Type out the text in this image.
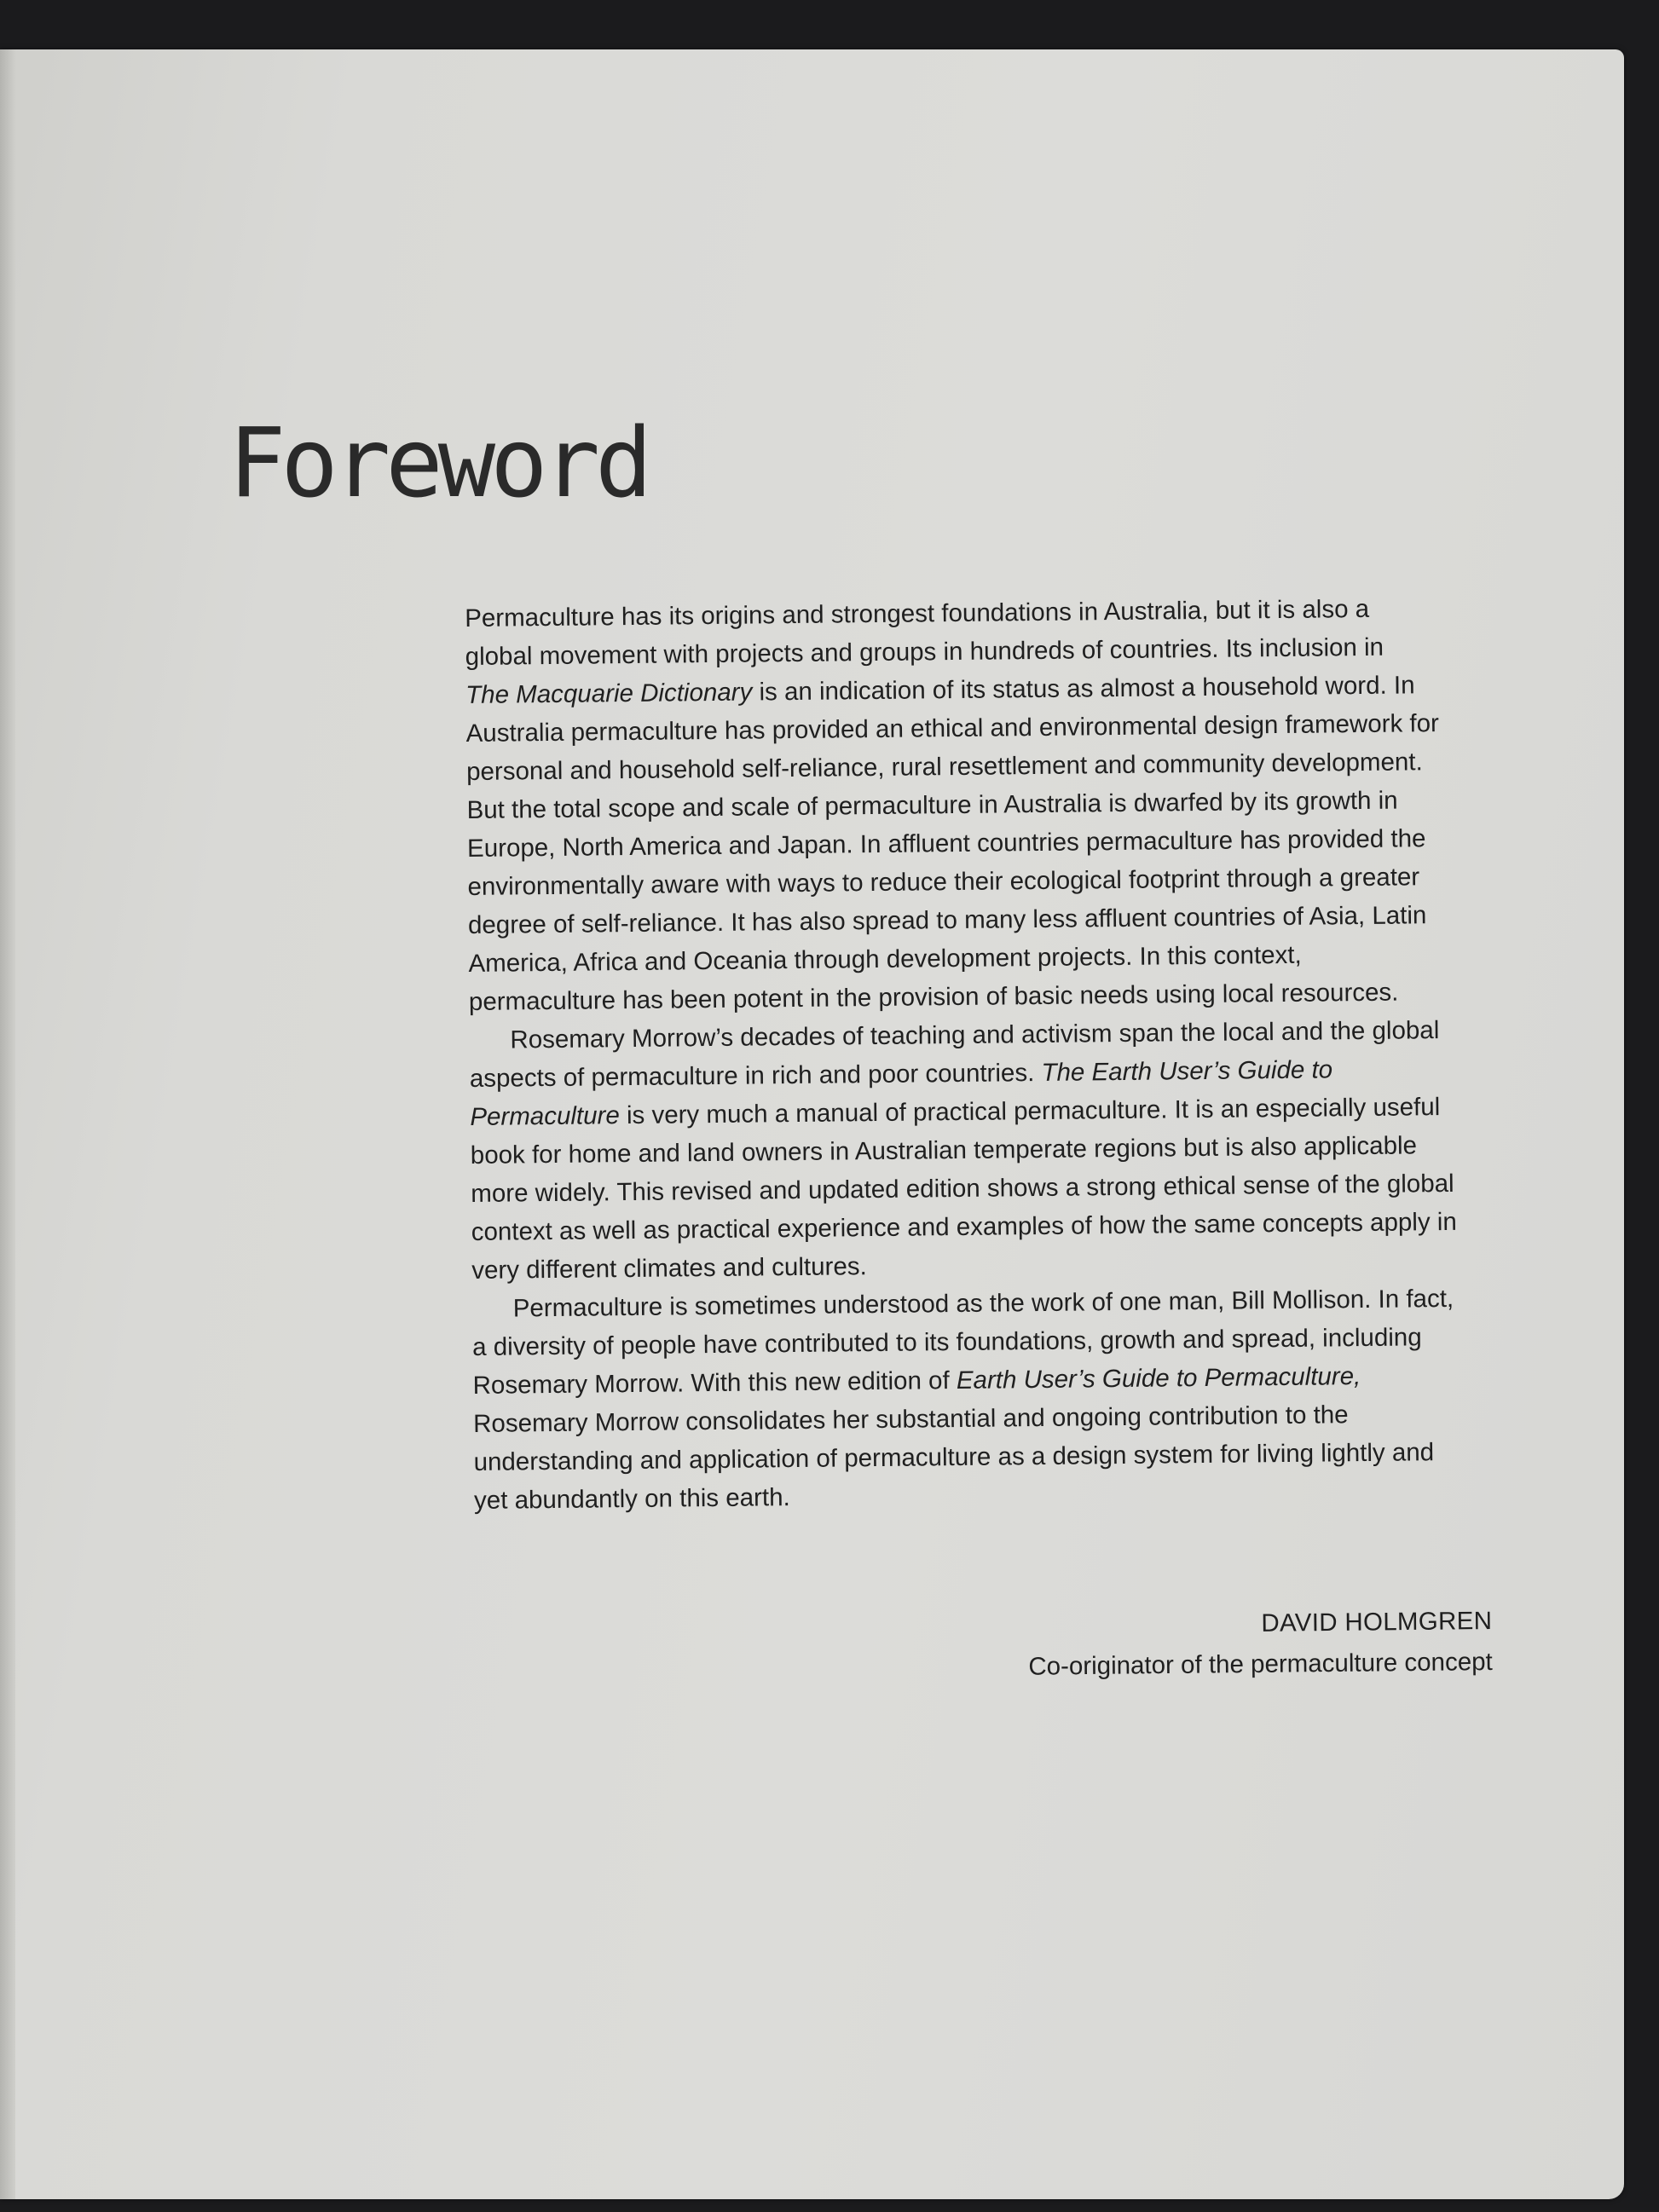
Foreword

Permaculture has its origins and strongest foundations in Australia, but it is also a

global movement with projects and groups in hundreds of countries. Its inclusion in

The Macquarie Dictionary is an indication of its status as almost a household word. In

Australia permaculture has provided an ethical and environmental design framework for

personal and household self-reliance, rural resettlement and community development.

But the total scope and scale of permaculture in Australia is dwarfed by its growth in

Europe, North America and Japan. In affluent countries permaculture has provided the

environmentally aware with ways to reduce their ecological footprint through a greater

degree of self-reliance. It has also spread to many less affluent countries of Asia, Latin

America, Africa and Oceania through development projects. In this context,

permaculture has been potent in the provision of basic needs using local resources.

Rosemary Morrow’s decades of teaching and activism span the local and the global

aspects of permaculture in rich and poor countries. The Earth User’s Guide to

Permaculture is very much a manual of practical permaculture. It is an especially useful

book for home and land owners in Australian temperate regions but is also applicable

more widely. This revised and updated edition shows a strong ethical sense of the global

context as well as practical experience and examples of how the same concepts apply in

very different climates and cultures.

Permaculture is sometimes understood as the work of one man, Bill Mollison. In fact,

a diversity of people have contributed to its foundations, growth and spread, including

Rosemary Morrow. With this new edition of Earth User’s Guide to Permaculture,

Rosemary Morrow consolidates her substantial and ongoing contribution to the

understanding and application of permaculture as a design system for living lightly and

yet abundantly on this earth.

DAVID HOLMGREN
Co-originator of the permaculture concept
